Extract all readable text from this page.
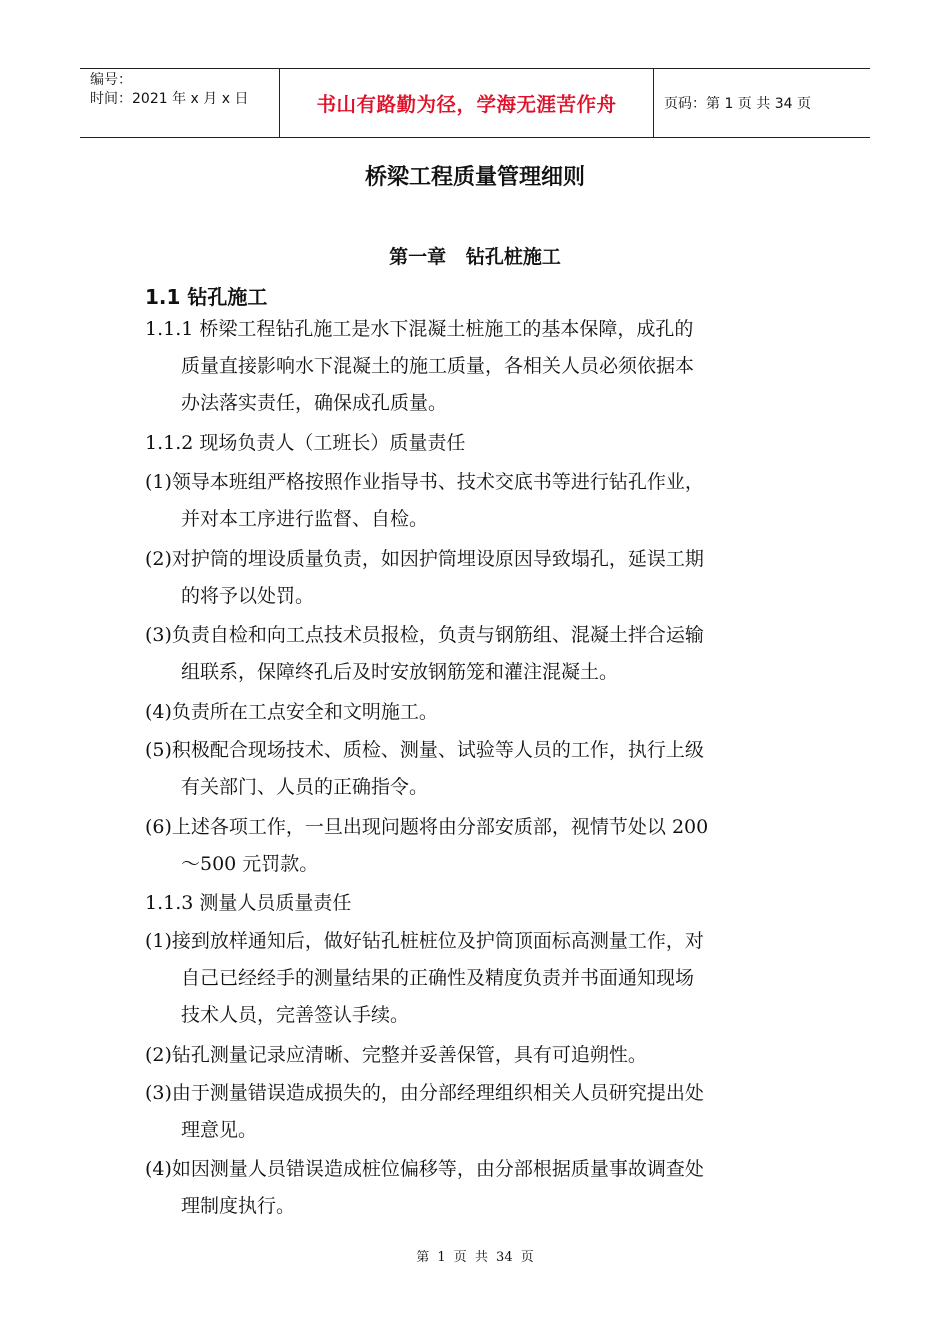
编号：
时间：2021 年 x 月 x 日	书山有路勤为径，学海无涯苦作舟	页码：第 1 页 共 34 页
桥梁工程质量管理细则
第一章   钻孔桩施工
1.1 钻孔施工
1.1.1 桥梁工程钻孔施工是水下混凝土桩施工的基本保障，成孔的
质量直接影响水下混凝土的施工质量，各相关人员必须依据本
办法落实责任，确保成孔质量。
1.1.2 现场负责人（工班长）质量责任
(1)领导本班组严格按照作业指导书、技术交底书等进行钻孔作业，
并对本工序进行监督、自检。
(2)对护筒的埋设质量负责，如因护筒埋设原因导致塌孔，延误工期
的将予以处罚。
(3)负责自检和向工点技术员报检，负责与钢筋组、混凝土拌合运输
组联系，保障终孔后及时安放钢筋笼和灌注混凝土。
(4)负责所在工点安全和文明施工。
(5)积极配合现场技术、质检、测量、试验等人员的工作，执行上级
有关部门、人员的正确指令。
(6)上述各项工作，一旦出现问题将由分部安质部，视情节处以 200
～500 元罚款。
1.1.3 测量人员质量责任
(1)接到放样通知后，做好钻孔桩桩位及护筒顶面标高测量工作，对
自己已经经手的测量结果的正确性及精度负责并书面通知现场
技术人员，完善签认手续。
(2)钻孔测量记录应清晰、完整并妥善保管，具有可追朔性。
(3)由于测量错误造成损失的，由分部经理组织相关人员研究提出处
理意见。
(4)如因测量人员错误造成桩位偏移等，由分部根据质量事故调查处
理制度执行。
第 1 页 共 34 页
